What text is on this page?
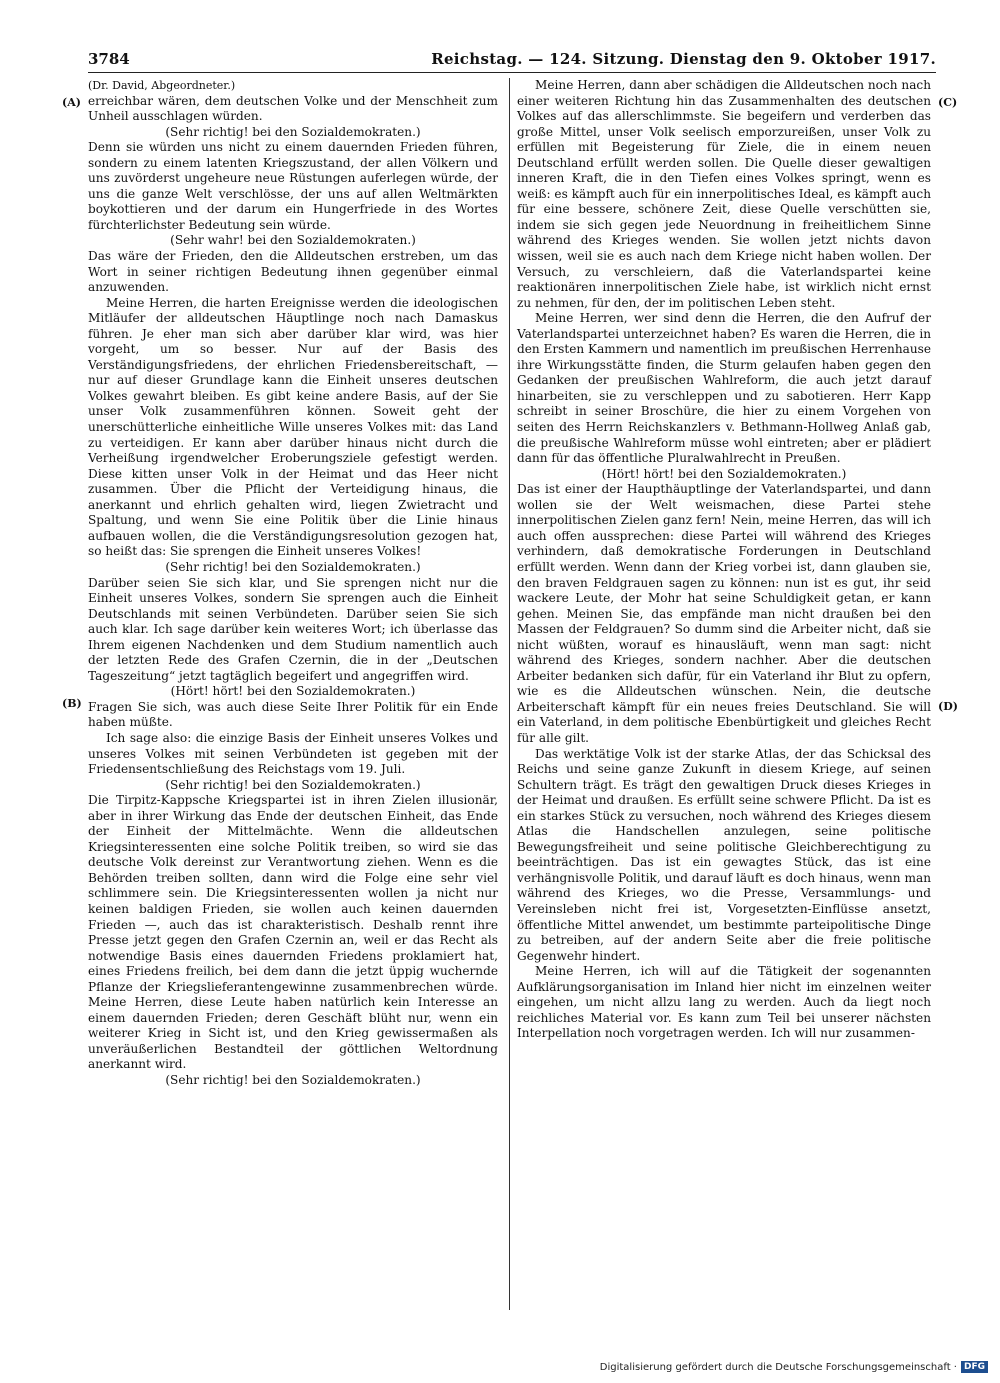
3784	Reichstag. — 124. Sitzung. Dienstag den 9. Oktober 1917.
(A)
(B)
(C)
(D)

(Dr. David, Abgeordneter.)

erreichbar wären, dem deutschen Volke und der Menschheit zum Unheil ausschlagen würden.

(Sehr richtig! bei den Sozialdemokraten.)

Denn sie würden uns nicht zu einem dauernden Frieden führen, sondern zu einem latenten Kriegszustand, der allen Völkern und uns zuvörderst ungeheure neue Rüstungen auferlegen würde, der uns die ganze Welt verschlösse, der uns auf allen Weltmärkten boykottieren und der darum ein Hungerfriede in des Wortes fürchterlichster Bedeutung sein würde.

(Sehr wahr! bei den Sozialdemokraten.)

Das wäre der Frieden, den die Alldeutschen erstreben, um das Wort in seiner richtigen Bedeutung ihnen gegenüber einmal anzuwenden.

Meine Herren, die harten Ereignisse werden die ideologischen Mitläufer der alldeutschen Häuptlinge noch nach Damaskus führen. Je eher man sich aber darüber klar wird, was hier vorgeht, um so besser. Nur auf der Basis des Verständigungsfriedens, der ehrlichen Friedensbereitschaft, — nur auf dieser Grundlage kann die Einheit unseres deutschen Volkes gewahrt bleiben. Es gibt keine andere Basis, auf der Sie unser Volk zusammenführen können. Soweit geht der unerschütterliche einheitliche Wille unseres Volkes mit: das Land zu verteidigen. Er kann aber darüber hinaus nicht durch die Verheißung irgendwelcher Eroberungsziele gefestigt werden. Diese kitten unser Volk in der Heimat und das Heer nicht zusammen. Über die Pflicht der Verteidigung hinaus, die anerkannt und ehrlich gehalten wird, liegen Zwietracht und Spaltung, und wenn Sie eine Politik über die Linie hinaus aufbauen wollen, die die Verständigungsresolution gezogen hat, so heißt das: Sie sprengen die Einheit unseres Volkes!

(Sehr richtig! bei den Sozialdemokraten.)

Darüber seien Sie sich klar, und Sie sprengen nicht nur die Einheit unseres Volkes, sondern Sie sprengen auch die Einheit Deutschlands mit seinen Verbündeten. Darüber seien Sie sich auch klar. Ich sage darüber kein weiteres Wort; ich überlasse das Ihrem eigenen Nachdenken und dem Studium namentlich auch der letzten Rede des Grafen Czernin, die in der „Deutschen Tageszeitung“ jetzt tagtäglich begeifert und angegriffen wird.

(Hört! hört! bei den Sozialdemokraten.)

Fragen Sie sich, was auch diese Seite Ihrer Politik für ein Ende haben müßte.

Ich sage also: die einzige Basis der Einheit unseres Volkes und unseres Volkes mit seinen Verbündeten ist gegeben mit der Friedensentschließung des Reichstags vom 19. Juli.

(Sehr richtig! bei den Sozialdemokraten.)

Die Tirpitz-Kappsche Kriegspartei ist in ihren Zielen illusionär, aber in ihrer Wirkung das Ende der deutschen Einheit, das Ende der Einheit der Mittelmächte. Wenn die alldeutschen Kriegsinteressenten eine solche Politik treiben, so wird sie das deutsche Volk dereinst zur Verantwortung ziehen. Wenn es die Behörden treiben sollten, dann wird die Folge eine sehr viel schlimmere sein. Die Kriegsinteressenten wollen ja nicht nur keinen baldigen Frieden, sie wollen auch keinen dauernden Frieden —, auch das ist charakteristisch. Deshalb rennt ihre Presse jetzt gegen den Grafen Czernin an, weil er das Recht als notwendige Basis eines dauernden Friedens proklamiert hat, eines Friedens freilich, bei dem dann die jetzt üppig wuchernde Pflanze der Kriegslieferantengewinne zusammenbrechen würde. Meine Herren, diese Leute haben natürlich kein Interesse an einem dauernden Frieden; deren Geschäft blüht nur, wenn ein weiterer Krieg in Sicht ist, und den Krieg gewissermaßen als unveräußerlichen Bestandteil der göttlichen Weltordnung anerkannt wird.

(Sehr richtig! bei den Sozialdemokraten.)

Meine Herren, dann aber schädigen die Alldeutschen noch nach einer weiteren Richtung hin das Zusammenhalten des deutschen Volkes auf das allerschlimmste. Sie begeifern und verderben das große Mittel, unser Volk seelisch emporzureißen, unser Volk zu erfüllen mit Begeisterung für Ziele, die in einem neuen Deutschland erfüllt werden sollen. Die Quelle dieser gewaltigen inneren Kraft, die in den Tiefen eines Volkes springt, wenn es weiß: es kämpft auch für ein innerpolitisches Ideal, es kämpft auch für eine bessere, schönere Zeit, diese Quelle verschütten sie, indem sie sich gegen jede Neuordnung in freiheitlichem Sinne während des Krieges wenden. Sie wollen jetzt nichts davon wissen, weil sie es auch nach dem Kriege nicht haben wollen. Der Versuch, zu verschleiern, daß die Vaterlandspartei keine reaktionären innerpolitischen Ziele habe, ist wirklich nicht ernst zu nehmen, für den, der im politischen Leben steht.

Meine Herren, wer sind denn die Herren, die den Aufruf der Vaterlandspartei unterzeichnet haben? Es waren die Herren, die in den Ersten Kammern und namentlich im preußischen Herrenhause ihre Wirkungsstätte finden, die Sturm gelaufen haben gegen den Gedanken der preußischen Wahlreform, die auch jetzt darauf hinarbeiten, sie zu verschleppen und zu sabotieren. Herr Kapp schreibt in seiner Broschüre, die hier zu einem Vorgehen von seiten des Herrn Reichskanzlers v. Bethmann-Hollweg Anlaß gab, die preußische Wahlreform müsse wohl eintreten; aber er plädiert dann für das öffentliche Pluralwahlrecht in Preußen.

(Hört! hört! bei den Sozialdemokraten.)

Das ist einer der Haupthäuptlinge der Vaterlandspartei, und dann wollen sie der Welt weismachen, diese Partei stehe innerpolitischen Zielen ganz fern! Nein, meine Herren, das will ich auch offen aussprechen: diese Partei will während des Krieges verhindern, daß demokratische Forderungen in Deutschland erfüllt werden. Wenn dann der Krieg vorbei ist, dann glauben sie, den braven Feldgrauen sagen zu können: nun ist es gut, ihr seid wackere Leute, der Mohr hat seine Schuldigkeit getan, er kann gehen. Meinen Sie, das empfände man nicht draußen bei den Massen der Feldgrauen? So dumm sind die Arbeiter nicht, daß sie nicht wüßten, worauf es hinausläuft, wenn man sagt: nicht während des Krieges, sondern nachher. Aber die deutschen Arbeiter bedanken sich dafür, für ein Vaterland ihr Blut zu opfern, wie es die Alldeutschen wünschen. Nein, die deutsche Arbeiterschaft kämpft für ein neues freies Deutschland. Sie will ein Vaterland, in dem politische Ebenbürtigkeit und gleiches Recht für alle gilt.

Das werktätige Volk ist der starke Atlas, der das Schicksal des Reichs und seine ganze Zukunft in diesem Kriege, auf seinen Schultern trägt. Es trägt den gewaltigen Druck dieses Krieges in der Heimat und draußen. Es erfüllt seine schwere Pflicht. Da ist es ein starkes Stück zu versuchen, noch während des Krieges diesem Atlas die Handschellen anzulegen, seine politische Bewegungsfreiheit und seine politische Gleichberechtigung zu beeinträchtigen. Das ist ein gewagtes Stück, das ist eine verhängnisvolle Politik, und darauf läuft es doch hinaus, wenn man während des Krieges, wo die Presse, Versammlungs- und Vereinsleben nicht frei ist, Vorgesetzten-Einflüsse ansetzt, öffentliche Mittel anwendet, um bestimmte parteipolitische Dinge zu betreiben, auf der andern Seite aber die freie politische Gegenwehr hindert.

Meine Herren, ich will auf die Tätigkeit der sogenannten Aufklärungsorganisation im Inland hier nicht im einzelnen weiter eingehen, um nicht allzu lang zu werden. Auch da liegt noch reichliches Material vor. Es kann zum Teil bei unserer nächsten Interpellation noch vorgetragen werden. Ich will nur zusammen-

Digitalisierung gefördert durch die Deutsche Forschungsgemeinschaft · DFG
